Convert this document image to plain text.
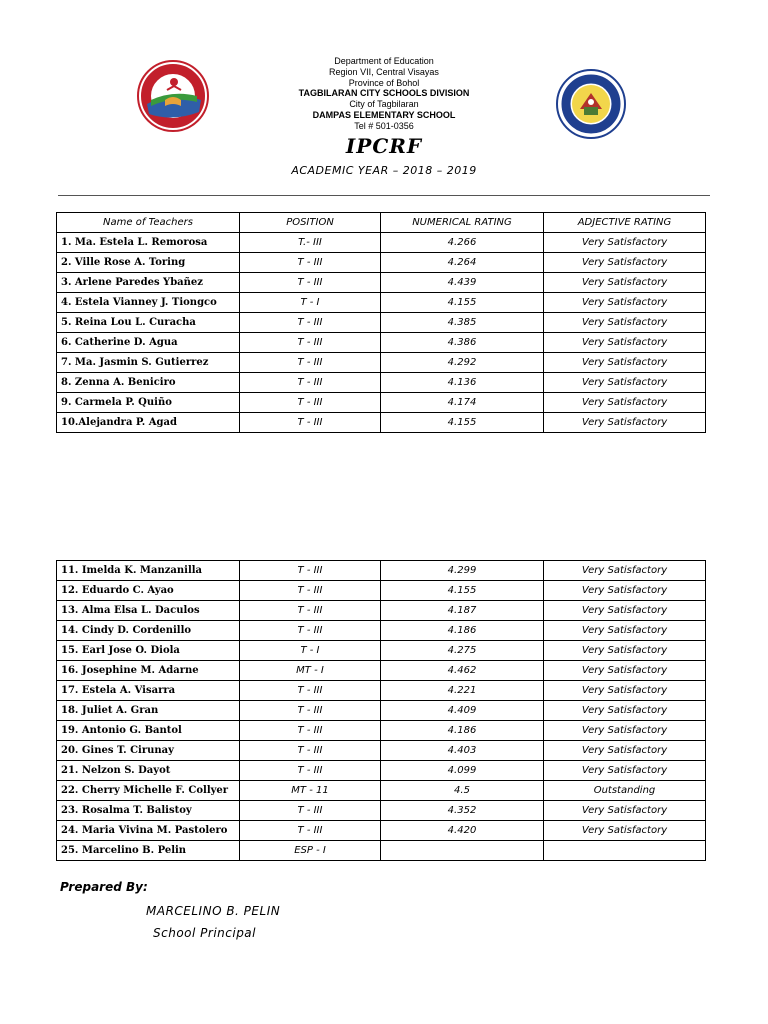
Department of Education
Region VII, Central Visayas
Province of Bohol
TAGBILARAN CITY SCHOOLS DIVISION
City of Tagbilaran
DAMPAS ELEMENTARY SCHOOL
Tel # 501-0356
IPCRF
ACADEMIC YEAR – 2018 – 2019
Name of Teachers	POSITION	NUMERICAL RATING	ADJECTIVE RATING
1. Ma. Estela L. Remorosa	T.- III	4.266	Very Satisfactory
2. Ville Rose A. Toring	T - III	4.264	Very Satisfactory
3. Arlene Paredes Ybañez	T - III	4.439	Very Satisfactory
4. Estela Vianney J. Tiongco	T - I	4.155	Very Satisfactory
5. Reina Lou L. Curacha	T - III	4.385	Very Satisfactory
6. Catherine D. Agua	T - III	4.386	Very Satisfactory
7. Ma. Jasmin S. Gutierrez	T - III	4.292	Very Satisfactory
8. Zenna A. Beniciro	T - III	4.136	Very Satisfactory
9. Carmela P. Quiño	T - III	4.174	Very Satisfactory
10.Alejandra P. Agad	T - III	4.155	Very Satisfactory
11. Imelda K. Manzanilla	T - III	4.299	Very Satisfactory
12. Eduardo C. Ayao	T - III	4.155	Very Satisfactory
13. Alma Elsa L. Daculos	T - III	4.187	Very Satisfactory
14. Cindy D. Cordenillo	T - III	4.186	Very Satisfactory
15. Earl Jose O. Diola	T - I	4.275	Very Satisfactory
16. Josephine M. Adarne	MT - I	4.462	Very Satisfactory
17. Estela A. Visarra	T - III	4.221	Very Satisfactory
18. Juliet A. Gran	T - III	4.409	Very Satisfactory
19. Antonio G. Bantol	T - III	4.186	Very Satisfactory
20. Gines T. Cirunay	T - III	4.403	Very Satisfactory
21. Nelzon S. Dayot	T - III	4.099	Very Satisfactory
22. Cherry Michelle F. Collyer	MT - 11	4.5	Outstanding
23. Rosalma T. Balistoy	T - III	4.352	Very Satisfactory
24. Maria Vivina M. Pastolero	T - III	4.420	Very Satisfactory
25. Marcelino B. Pelin	ESP - I		
Prepared By:
MARCELINO B. PELIN
School Principal
